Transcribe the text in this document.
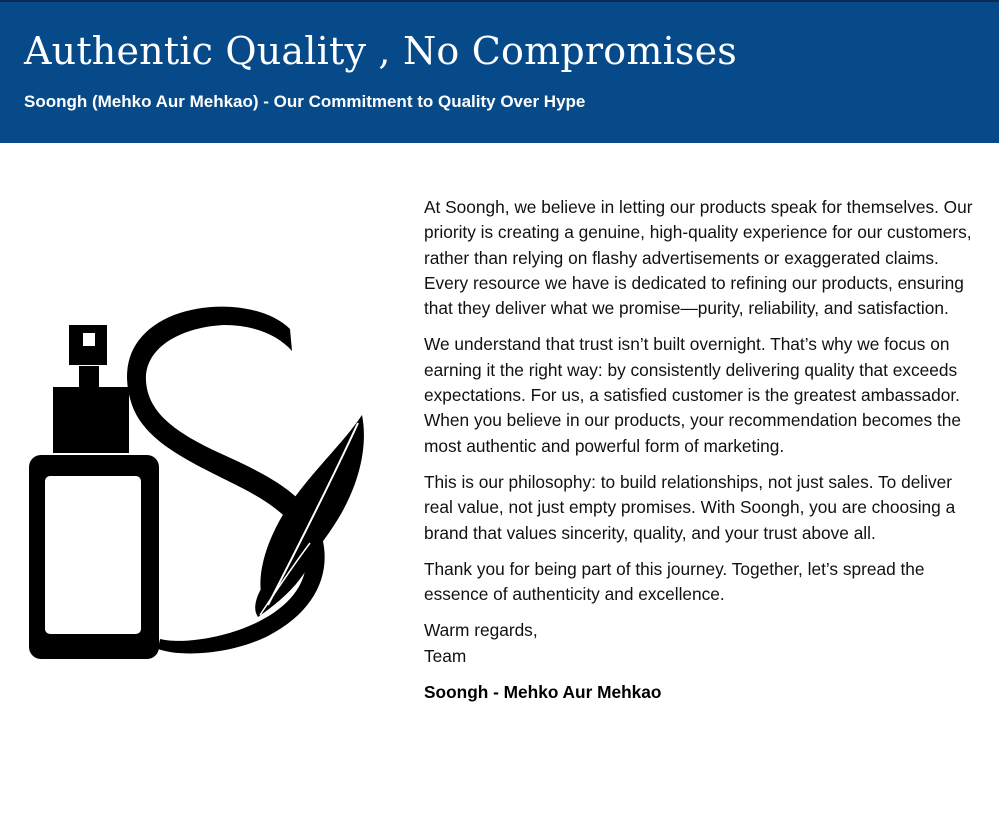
Authentic Quality , No Compromises
Soongh (Mehko Aur Mehkao) - Our Commitment to Quality Over Hype

At Soongh, we believe in letting our products speak for themselves. Our priority is creating a genuine, high-quality experience for our customers, rather than relying on flashy advertisements or exaggerated claims. Every resource we have is dedicated to refining our products, ensuring that they deliver what we promise—purity, reliability, and satisfaction.

We understand that trust isn’t built overnight. That’s why we focus on earning it the right way: by consistently delivering quality that exceeds expectations. For us, a satisfied customer is the greatest ambassador. When you believe in our products, your recommendation becomes the most authentic and powerful form of marketing.

This is our philosophy: to build relationships, not just sales. To deliver real value, not just empty promises. With Soongh, you are choosing a brand that values sincerity, quality, and your trust above all.

Thank you for being part of this journey. Together, let’s spread the essence of authenticity and excellence.

Warm regards,
Team

Soongh - Mehko Aur Mehkao
